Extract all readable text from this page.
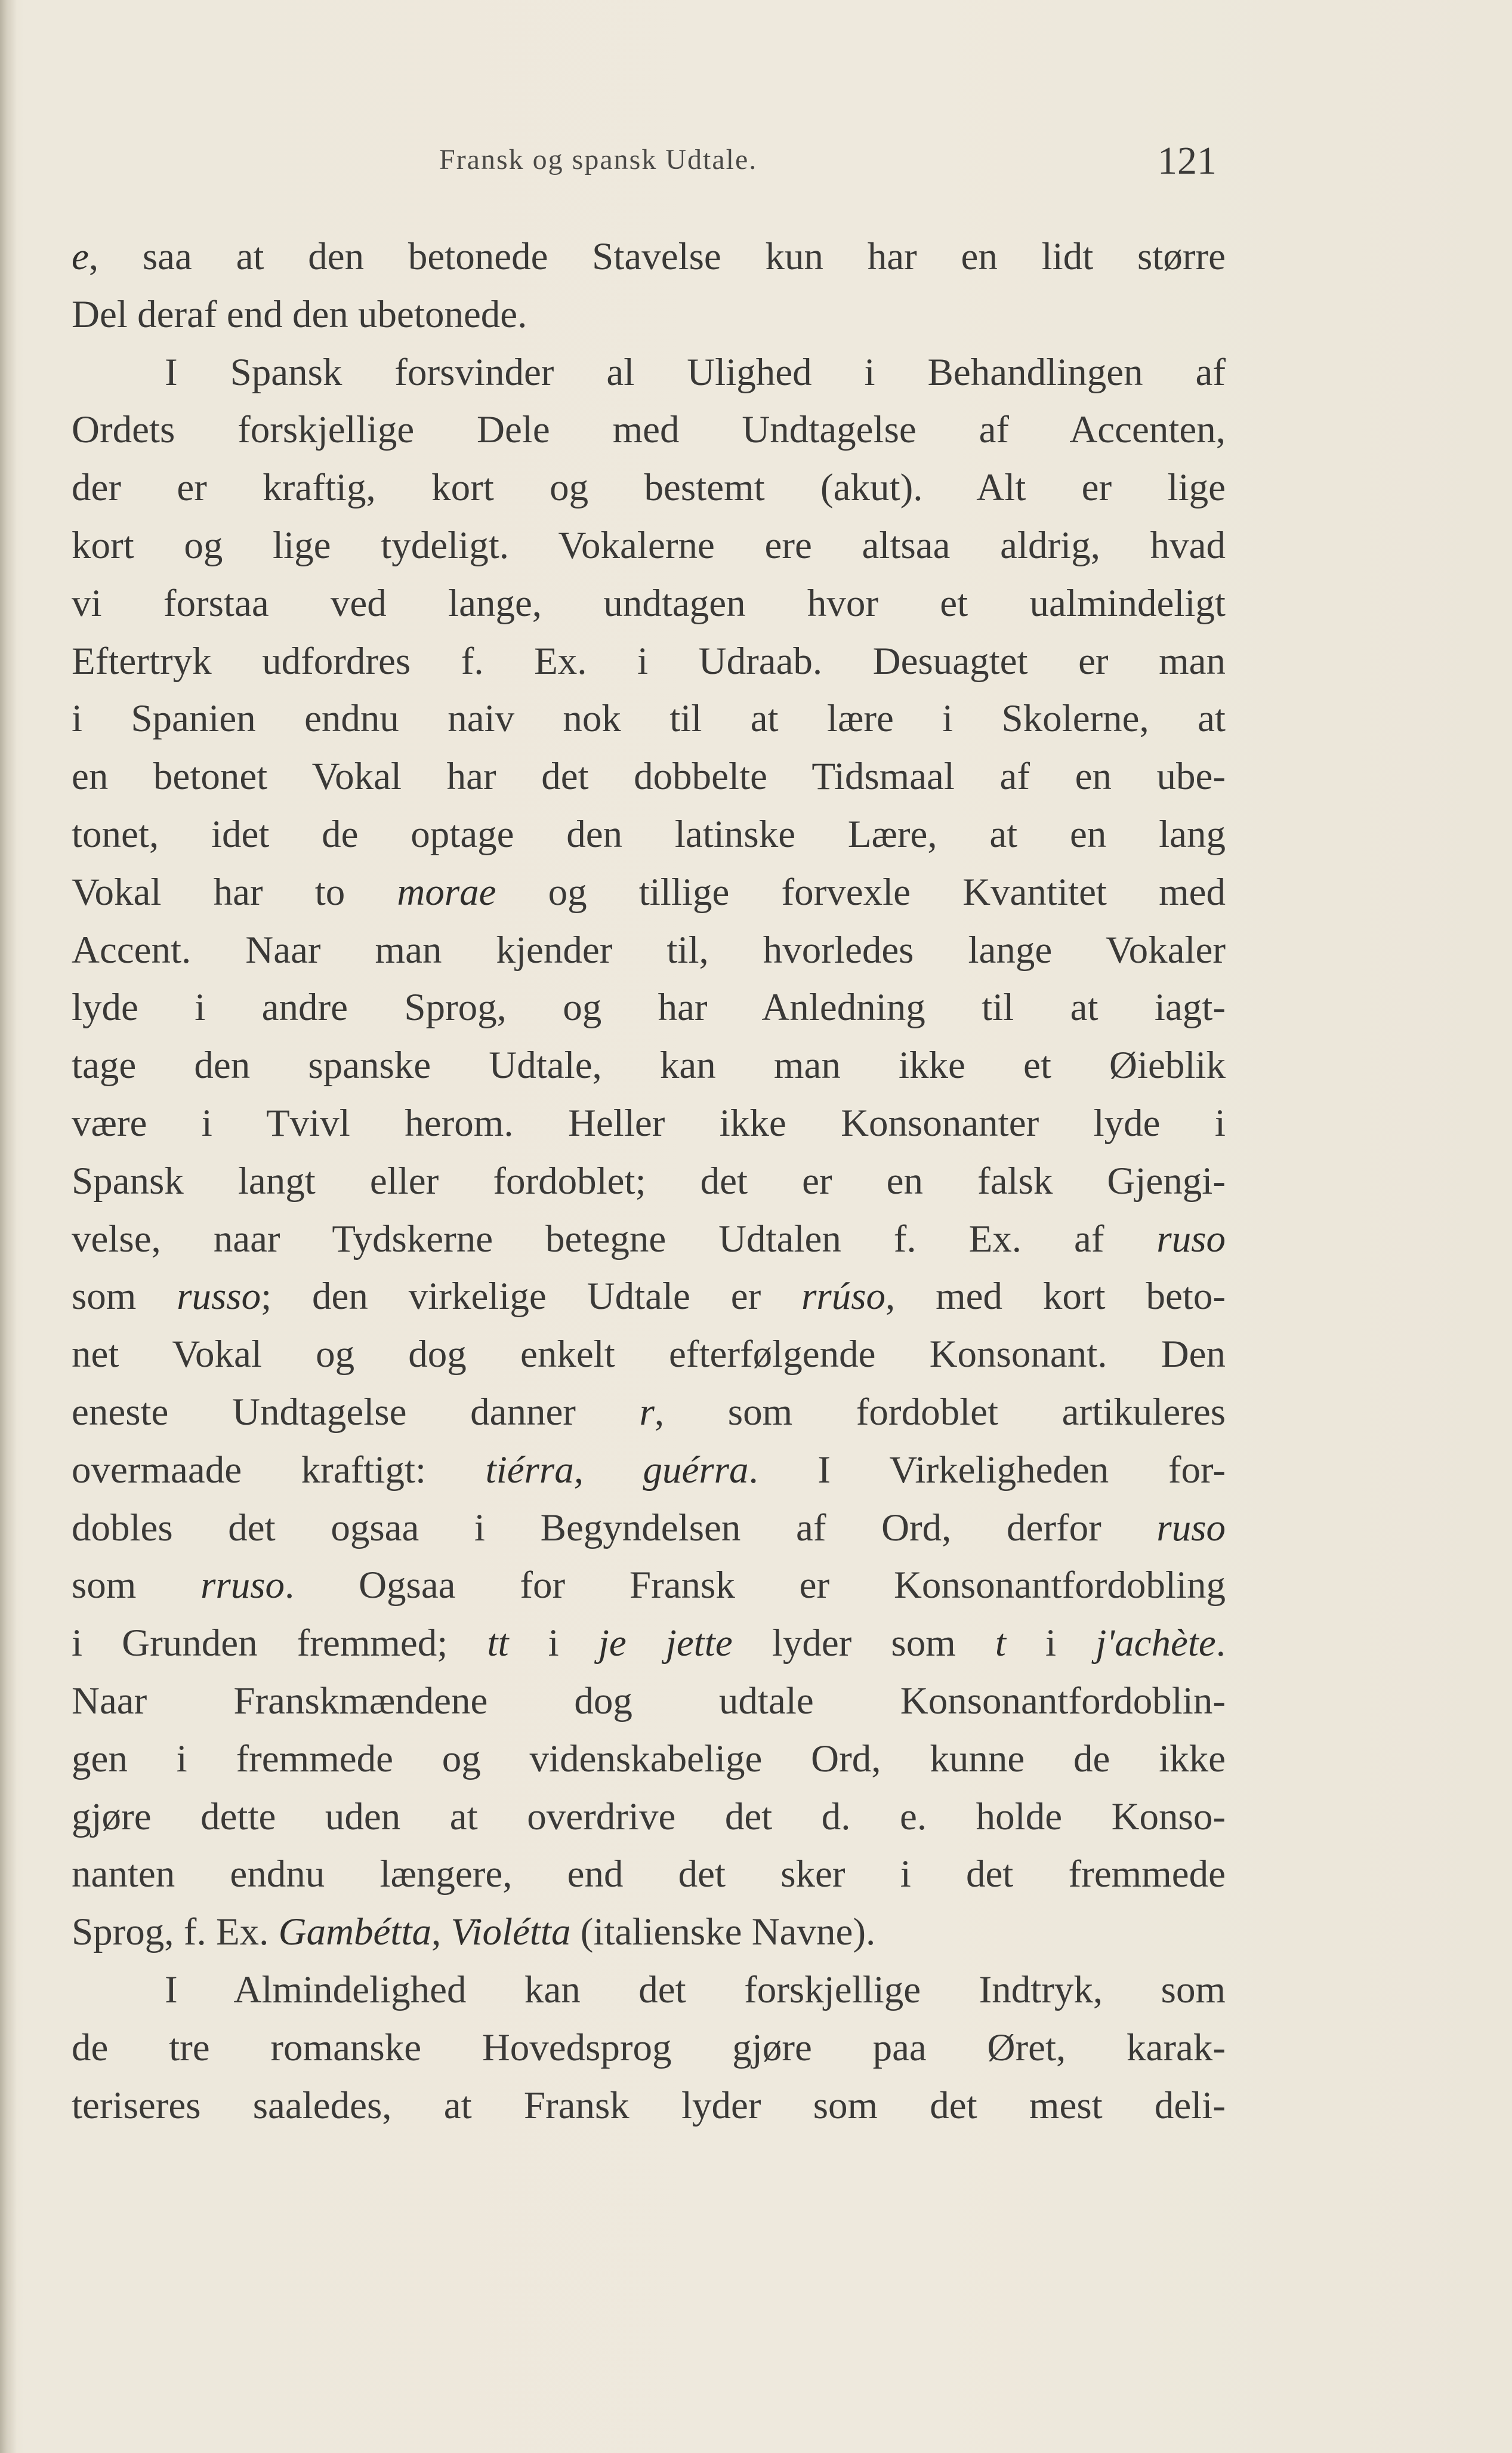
Fransk og spansk Udtale.	121
e, saa at den betonede Stavelse kun har en lidt større
Del deraf end den ubetonede.
I Spansk forsvinder al Ulighed i Behandlingen af
Ordets forskjellige Dele med Undtagelse af Accenten,
der er kraftig, kort og bestemt (akut). Alt er lige
kort og lige tydeligt. Vokalerne ere altsaa aldrig, hvad
vi forstaa ved lange, undtagen hvor et ualmindeligt
Eftertryk udfordres f. Ex. i Udraab. Desuagtet er man
i Spanien endnu naiv nok til at lære i Skolerne, at
en betonet Vokal har det dobbelte Tidsmaal af en ube-
tonet, idet de optage den latinske Lære, at en lang
Vokal har to morae og tillige forvexle Kvantitet med
Accent. Naar man kjender til, hvorledes lange Vokaler
lyde i andre Sprog, og har Anledning til at iagt-
tage den spanske Udtale, kan man ikke et Øieblik
være i Tvivl herom. Heller ikke Konsonanter lyde i
Spansk langt eller fordoblet; det er en falsk Gjengi-
velse, naar Tydskerne betegne Udtalen f. Ex. af ruso
som russo; den virkelige Udtale er rrúso, med kort beto-
net Vokal og dog enkelt efterfølgende Konsonant. Den
eneste Undtagelse danner r, som fordoblet artikuleres
overmaade kraftigt: tiérra, guérra. I Virkeligheden for-
dobles det ogsaa i Begyndelsen af Ord, derfor ruso
som rruso. Ogsaa for Fransk er Konsonantfordobling
i Grunden fremmed; tt i je jette lyder som t i j'achète.
Naar Franskmændene dog udtale Konsonantfordoblin-
gen i fremmede og videnskabelige Ord, kunne de ikke
gjøre dette uden at overdrive det d. e. holde Konso-
nanten endnu længere, end det sker i det fremmede
Sprog, f. Ex. Gambétta, Violétta (italienske Navne).
I Almindelighed kan det forskjellige Indtryk, som
de tre romanske Hovedsprog gjøre paa Øret, karak-
teriseres saaledes, at Fransk lyder som det mest deli-
